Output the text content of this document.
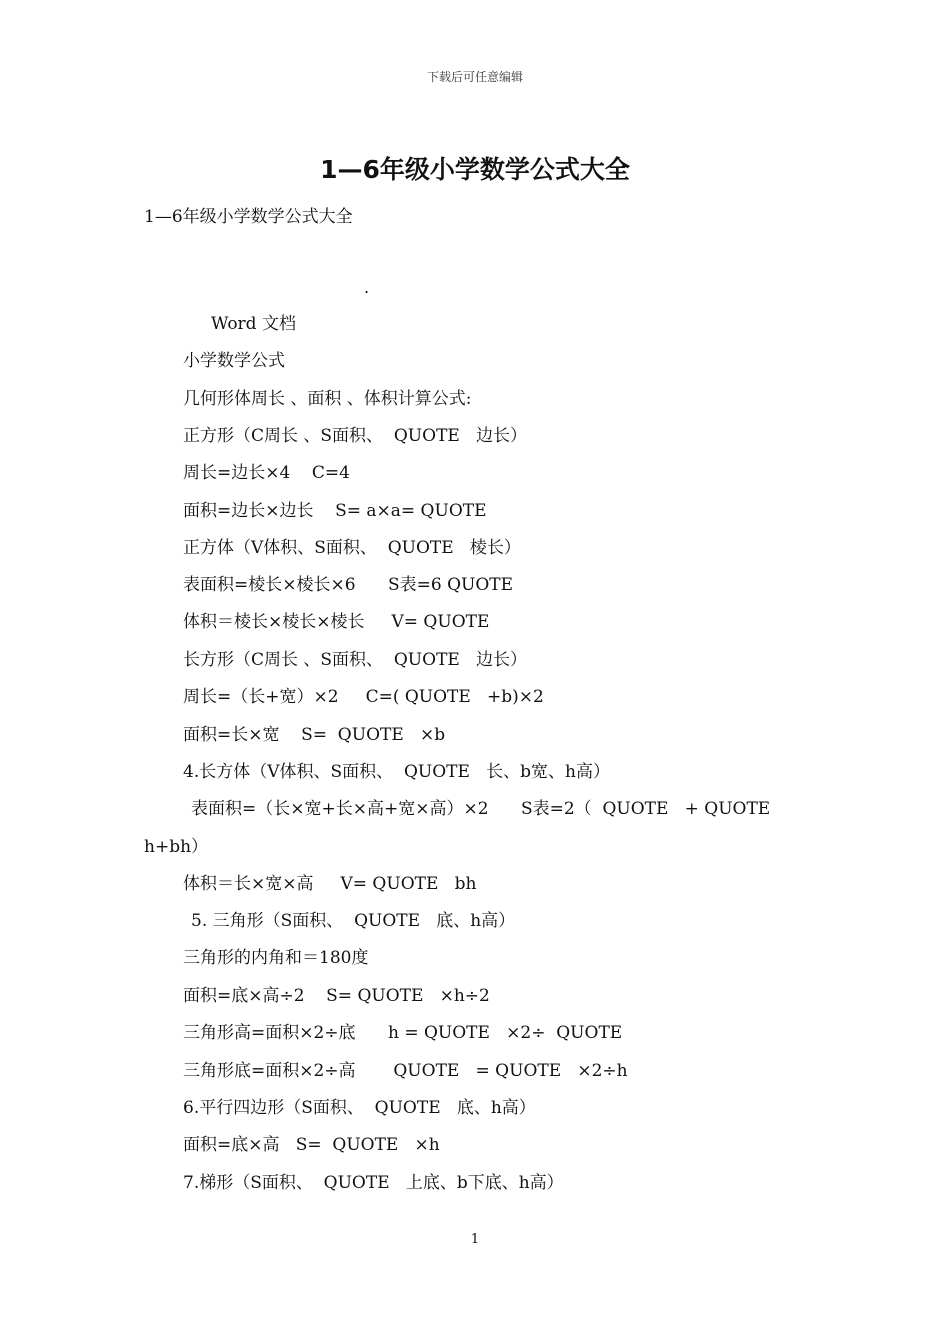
下载后可任意编辑
1—6年级小学数学公式大全
1—6年级小学数学公式大全
.
Word 文档
小学数学公式
几何形体周长 、面积 、体积计算公式:
正方形（C周长 、S面积、  QUOTE   边长）
周长=边长×4    C=4
面积=边长×边长    S= a×a= QUOTE
正方体（V体积、S面积、  QUOTE   棱长）
表面积=棱长×棱长×6      S表=6 QUOTE
体积＝棱长×棱长×棱长     V= QUOTE
长方形（C周长 、S面积、  QUOTE   边长）
周长=（长+宽）×2     C=( QUOTE   +b)×2
面积=长×宽    S=  QUOTE   ×b
4.长方体（V体积、S面积、  QUOTE   长、b宽、h高）
表面积=（长×宽+长×高+宽×高）×2      S表=2（  QUOTE   + QUOTE
h+bh）
体积＝长×宽×高     V= QUOTE   bh
5. 三角形（S面积、  QUOTE   底、h高）
三角形的内角和＝180度
面积=底×高÷2    S= QUOTE   ×h÷2
三角形高=面积×2÷底      h = QUOTE   ×2÷  QUOTE
三角形底=面积×2÷高       QUOTE   = QUOTE   ×2÷h
6.平行四边形（S面积、  QUOTE   底、h高）
面积=底×高   S=  QUOTE   ×h
7.梯形（S面积、  QUOTE   上底、b下底、h高）
1
